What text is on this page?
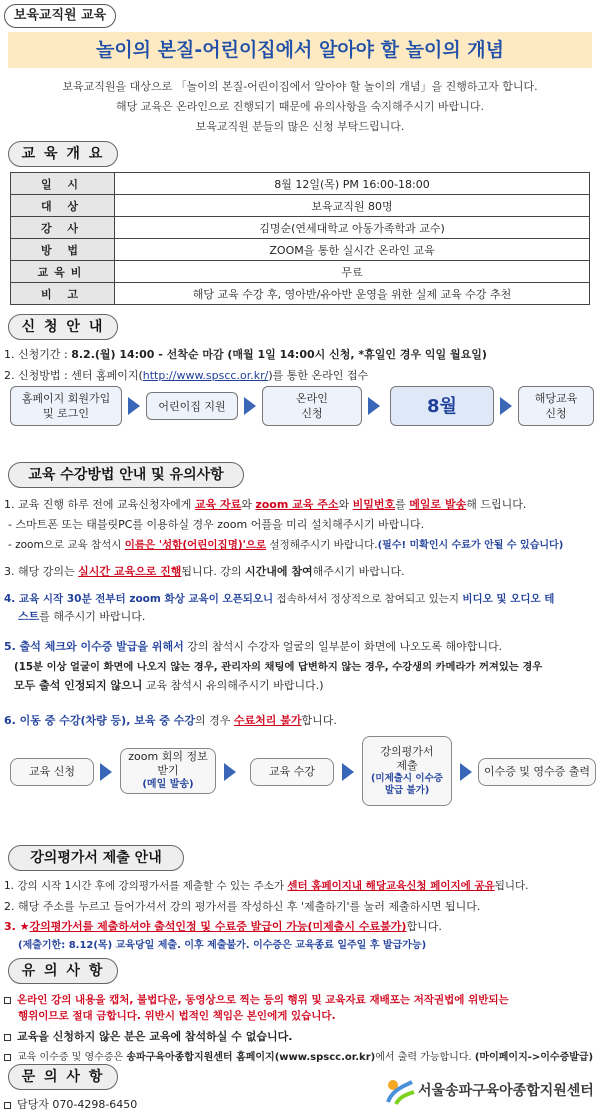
보육교직원 교육
놀이의 본질-어린이집에서 알아야 할 놀이의 개념
보육교직원을 대상으로 「놀이의 본질-어린이집에서 알아야 할 놀이의 개념」을 진행하고자 합니다.
해당 교육은 온라인으로 진행되기 때문에 유의사항을 숙지해주시기 바랍니다.
보육교직원 분들의 많은 신청 부탁드립니다.
교 육 개 요
일 시	8월 12일(목) PM 16:00-18:00
대 상	보육교직원 80명
강 사	김명순(연세대학교 아동가족학과 교수)
방 법	ZOOM을 통한 실시간 온라인 교육
교육비	무료
비 고	해당 교육 수강 후, 영아반/유아반 운영을 위한 실제 교육 수강 추천
신 청 안 내
1. 신청기간 : 8.2.(월) 14:00 - 선착순 마감 (매월 1일 14:00시 신청, *휴일인 경우 익일 월요일)
2. 신청방법 : 센터 홈페이지(http://www.spscc.or.kr/)를 통한 온라인 접수
홈페이지 회원가입
및 로그인
어린이집 지원
온라인
신청	8월	해당교육
신청
교육 수강방법 안내 및 유의사항
1. 교육 진행 하루 전에 교육신청자에게 교육 자료와 zoom 교육 주소와 비밀번호를 메일로 발송해 드립니다.
- 스마트폰 또는 태블릿PC를 이용하실 경우 zoom 어플을 미리 설치해주시기 바랍니다.
- zoom으로 교육 참석시 이름은 '성함(어린이집명)'으로 설정해주시기 바랍니다.(필수! 미확인시 수료가 안될 수 있습니다)
3. 해당 강의는 실시간 교육으로 진행됩니다. 강의 시간내에 참여해주시기 바랍니다.
4. 교육 시작 30분 전부터 zoom 화상 교육이 오픈되오니 접속하셔서 정상적으로 참여되고 있는지 비디오 및 오디오 테
스트를 해주시기 바랍니다.
5. 출석 체크와 이수증 발급을 위해서 강의 참석시 수강자 얼굴의 일부분이 화면에 나오도록 해야합니다.
(15분 이상 얼굴이 화면에 나오지 않는 경우, 관리자의 채팅에 답변하지 않는 경우, 수강생의 카메라가 꺼져있는 경우
모두 출석 인정되지 않으니 교육 참석시 유의해주시기 바랍니다.)
6. 이동 중 수강(차량 등), 보육 중 수강의 경우 수료처리 불가합니다.
교육 신청
zoom 회의 정보
받기
(메일 발송)
교육 수강
강의평가서
제출
(미제출시 이수증 발급 불가)
이수증 및 영수증 출력
강의평가서 제출 안내
1. 강의 시작 1시간 후에 강의평가서를 제출할 수 있는 주소가 센터 홈페이지내 해당교육신청 페이지에 공유됩니다.
2. 해당 주소를 누르고 들어가셔서 강의 평가서를 작성하신 후 '제출하기'를 눌러 제출하시면 됩니다.
3. ★강의평가서를 제출하셔야 출석인정 및 수료증 발급이 가능(미제출시 수료불가)합니다.
(제출기한: 8.12(목) 교육당일 제출. 이후 제출불가. 이수증은 교육종료 일주일 후 발급가능)
유 의 사 항
온라인 강의 내용을 캡처, 불법다운, 동영상으로 찍는 등의 행위 및 교육자료 재배포는 저작권법에 위반되는
행위이므로 절대 금합니다. 위반시 법적인 책임은 본인에게 있습니다.
교육을 신청하지 않은 분은 교육에 참석하실 수 없습니다.
교육 이수증 및 영수증은 송파구육아종합지원센터 홈페이지(www.spscc.or.kr)에서 출력 가능합니다. (마이페이지->이수증발급)
문 의 사 항
담당자 070-4298-6450
서울송파구육아종합지원센터
